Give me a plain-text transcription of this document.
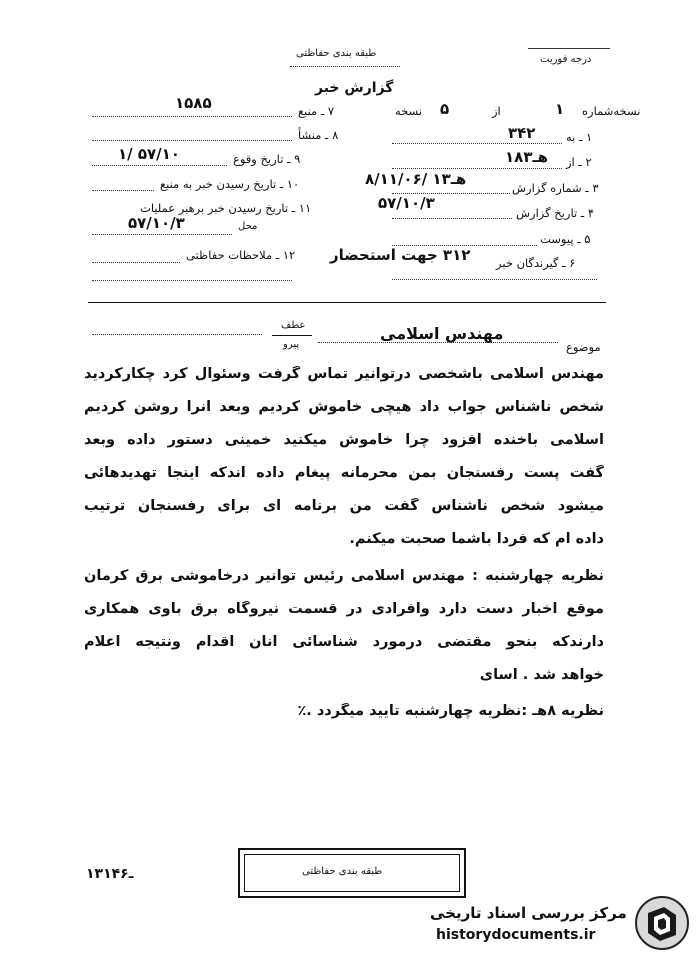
طبقه بندی حفاظتی
درجه فوریت
گزارش خبر
نسخه‌شماره
۱
از
۵
نسخه
۱ ـ به
۳۴۲
۲ ـ از
۱۸هـ۳
۳ ـ شماره گزارش
۸/۱۱/۰۶/ ۱هـ۳
۴ ـ تاریخ گزارش
۵۷/۱۰/۳
۵ ـ پیوست
۶ ـ گیرندگان خبر
۳۱۲ جهت استحضار
۷ ـ منبع
۱۵۸۵
۸ ـ منشأ
۹ ـ تاریخ وقوع
۱/ ۵۷/۱۰
۱۰ ـ تاریخ رسیدن خبر به منبع
۱۱ ـ تاریخ رسیدن خبر برهبر عملیات
محل
۵۷/۱۰/۳
۱۲ ـ ملاحظات حفاظتی
موضوع
مهندس اسلامی
عطف
پیرو
مهندس اسلامی باشخصی درتوانیر تماس گرفت وسئوال کرد چکارکردید
شخص ناشناس جواب داد هیچی خاموش کردیم وبعد آنرا روشن کردیم
اسلامی باخنده افزود چرا خاموش میکنید خمینی دستور داده وبعد
گفت پست رفسنجان بمن محرمانه پیغام داده اندکه اینجا تهدیدهائی
میشود شخص ناشناس گفت من برنامه ای برای رفسنجان ترتیب
داده ام که فردا باشما صحبت میکنم.
نظریه چهارشنبه : مهندس اسلامی رئیس توانیر درخاموشی برق کرمان
موقع اخبار دست دارد وافرادی در قسمت نیروگاه برق باوی همکاری
دارندکه بنحو مقتضی درمورد شناسائی آنان اقدام ونتیجه اعلام
خواهد شد . آسای
نظریه ۸هـ :نظریه چهارشنبه تایید میگردد .٪
۱۳۱ـ۴۶	طبقه بندی حفاظتی
مرکز بررسی اسناد تاریخی
historydocuments.ir
